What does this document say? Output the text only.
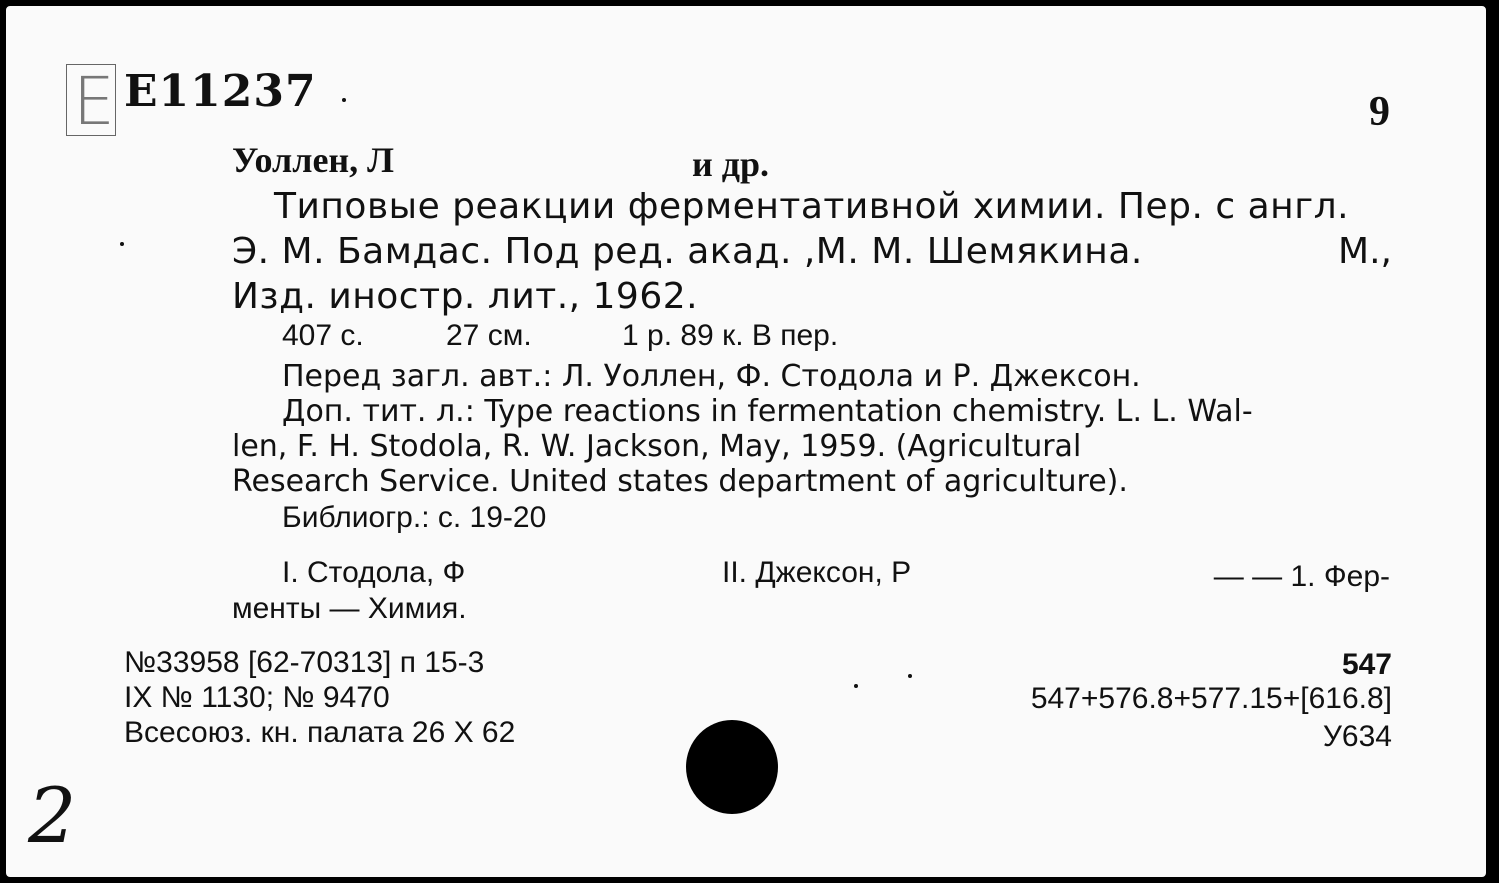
E E11237	9
Уоллен, Л	и др.
Типовые реакции ферментативной химии. Пер. с англ.
Э. М. Бамдас. Под ред. акад. ,М. М. Шемякина.	М.,
Изд. иностр. лит., 1962.
407 с.	27 см.	1 р. 89 к. В пер.
Перед загл. авт.: Л. Уоллен, Ф. Стодола и Р. Джексон.
Доп. тит. л.: Type reactions in fermentation chemistry. L. L. Wal-
len, F. H. Stodola, R. W. Jackson, May, 1959. (Agricultural
Research Service. United states department of agriculture).
Библиогр.: с. 19-20
I. Стодола, Ф	II. Джексон, Р	— — 1. Фер-
менты — Химия.
№33958 [62-70313] п 15-3
IX № 1130; № 9470
Всесоюз. кн. палата 26 X 62
547
547+576.8+577.15+[616.8]
У634
2
